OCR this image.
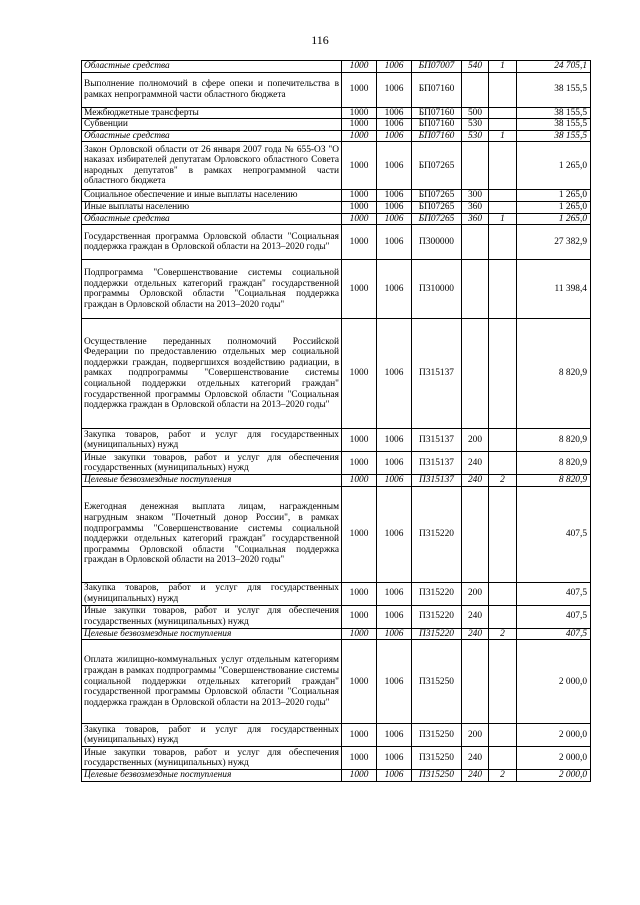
116
Областные средства	1000	1006	БП07007	540	1	24 705,1
Выполнение полномочий в сфере опеки и попечительства в рамках непрограммной части областного бюджета	1000	1006	БП07160			38 155,5
Межбюджетные трансферты	1000	1006	БП07160	500		38 155,5
Субвенции	1000	1006	БП07160	530		38 155,5
Областные средства	1000	1006	БП07160	530	1	38 155,5
Закон Орловской области от 26 января 2007 года № 655-ОЗ "О наказах избирателей депутатам Орловского областного Совета народных депутатов" в рамках непрограммной части областного бюджета	1000	1006	БП07265			1 265,0
Социальное обеспечение и иные выплаты населению	1000	1006	БП07265	300		1 265,0
Иные выплаты населению	1000	1006	БП07265	360		1 265,0
Областные средства	1000	1006	БП07265	360	1	1 265,0
Государственная программа Орловской области "Социальная поддержка граждан в Орловской области на 2013–2020 годы"	1000	1006	П300000			27 382,9
Подпрограмма "Совершенствование системы социальной поддержки отдельных категорий граждан" государственной программы Орловской области "Социальная поддержка граждан в Орловской области на 2013–2020 годы"	1000	1006	П310000			11 398,4
Осуществление переданных полномочий Российской Федерации по предоставлению отдельных мер социальной поддержки граждан, подвергшихся воздействию радиации, в рамках подпрограммы "Совершенствование системы социальной поддержки отдельных категорий граждан" государственной программы Орловской области "Социальная поддержка граждан в Орловской области на 2013–2020 годы"	1000	1006	П315137			8 820,9
Закупка товаров, работ и услуг для государственных (муниципальных) нужд	1000	1006	П315137	200		8 820,9
Иные закупки товаров, работ и услуг для обеспечения государственных (муниципальных) нужд	1000	1006	П315137	240		8 820,9
Целевые безвозмездные поступления	1000	1006	П315137	240	2	8 820,9
Ежегодная денежная выплата лицам, награжденным нагрудным знаком "Почетный донор России", в рамках подпрограммы "Совершенствование системы социальной поддержки отдельных категорий граждан" государственной программы Орловской области "Социальная поддержка граждан в Орловской области на 2013–2020 годы"	1000	1006	П315220			407,5
Закупка товаров, работ и услуг для государственных (муниципальных) нужд	1000	1006	П315220	200		407,5
Иные закупки товаров, работ и услуг для обеспечения государственных (муниципальных) нужд	1000	1006	П315220	240		407,5
Целевые безвозмездные поступления	1000	1006	П315220	240	2	407,5
Оплата жилищно-коммунальных услуг отдельным категориям граждан в рамках подпрограммы "Совершенствование системы социальной поддержки отдельных категорий граждан" государственной программы Орловской области "Социальная поддержка граждан в Орловской области на 2013–2020 годы"	1000	1006	П315250			2 000,0
Закупка товаров, работ и услуг для государственных (муниципальных) нужд	1000	1006	П315250	200		2 000,0
Иные закупки товаров, работ и услуг для обеспечения государственных (муниципальных) нужд	1000	1006	П315250	240		2 000,0
Целевые безвозмездные поступления	1000	1006	П315250	240	2	2 000,0
